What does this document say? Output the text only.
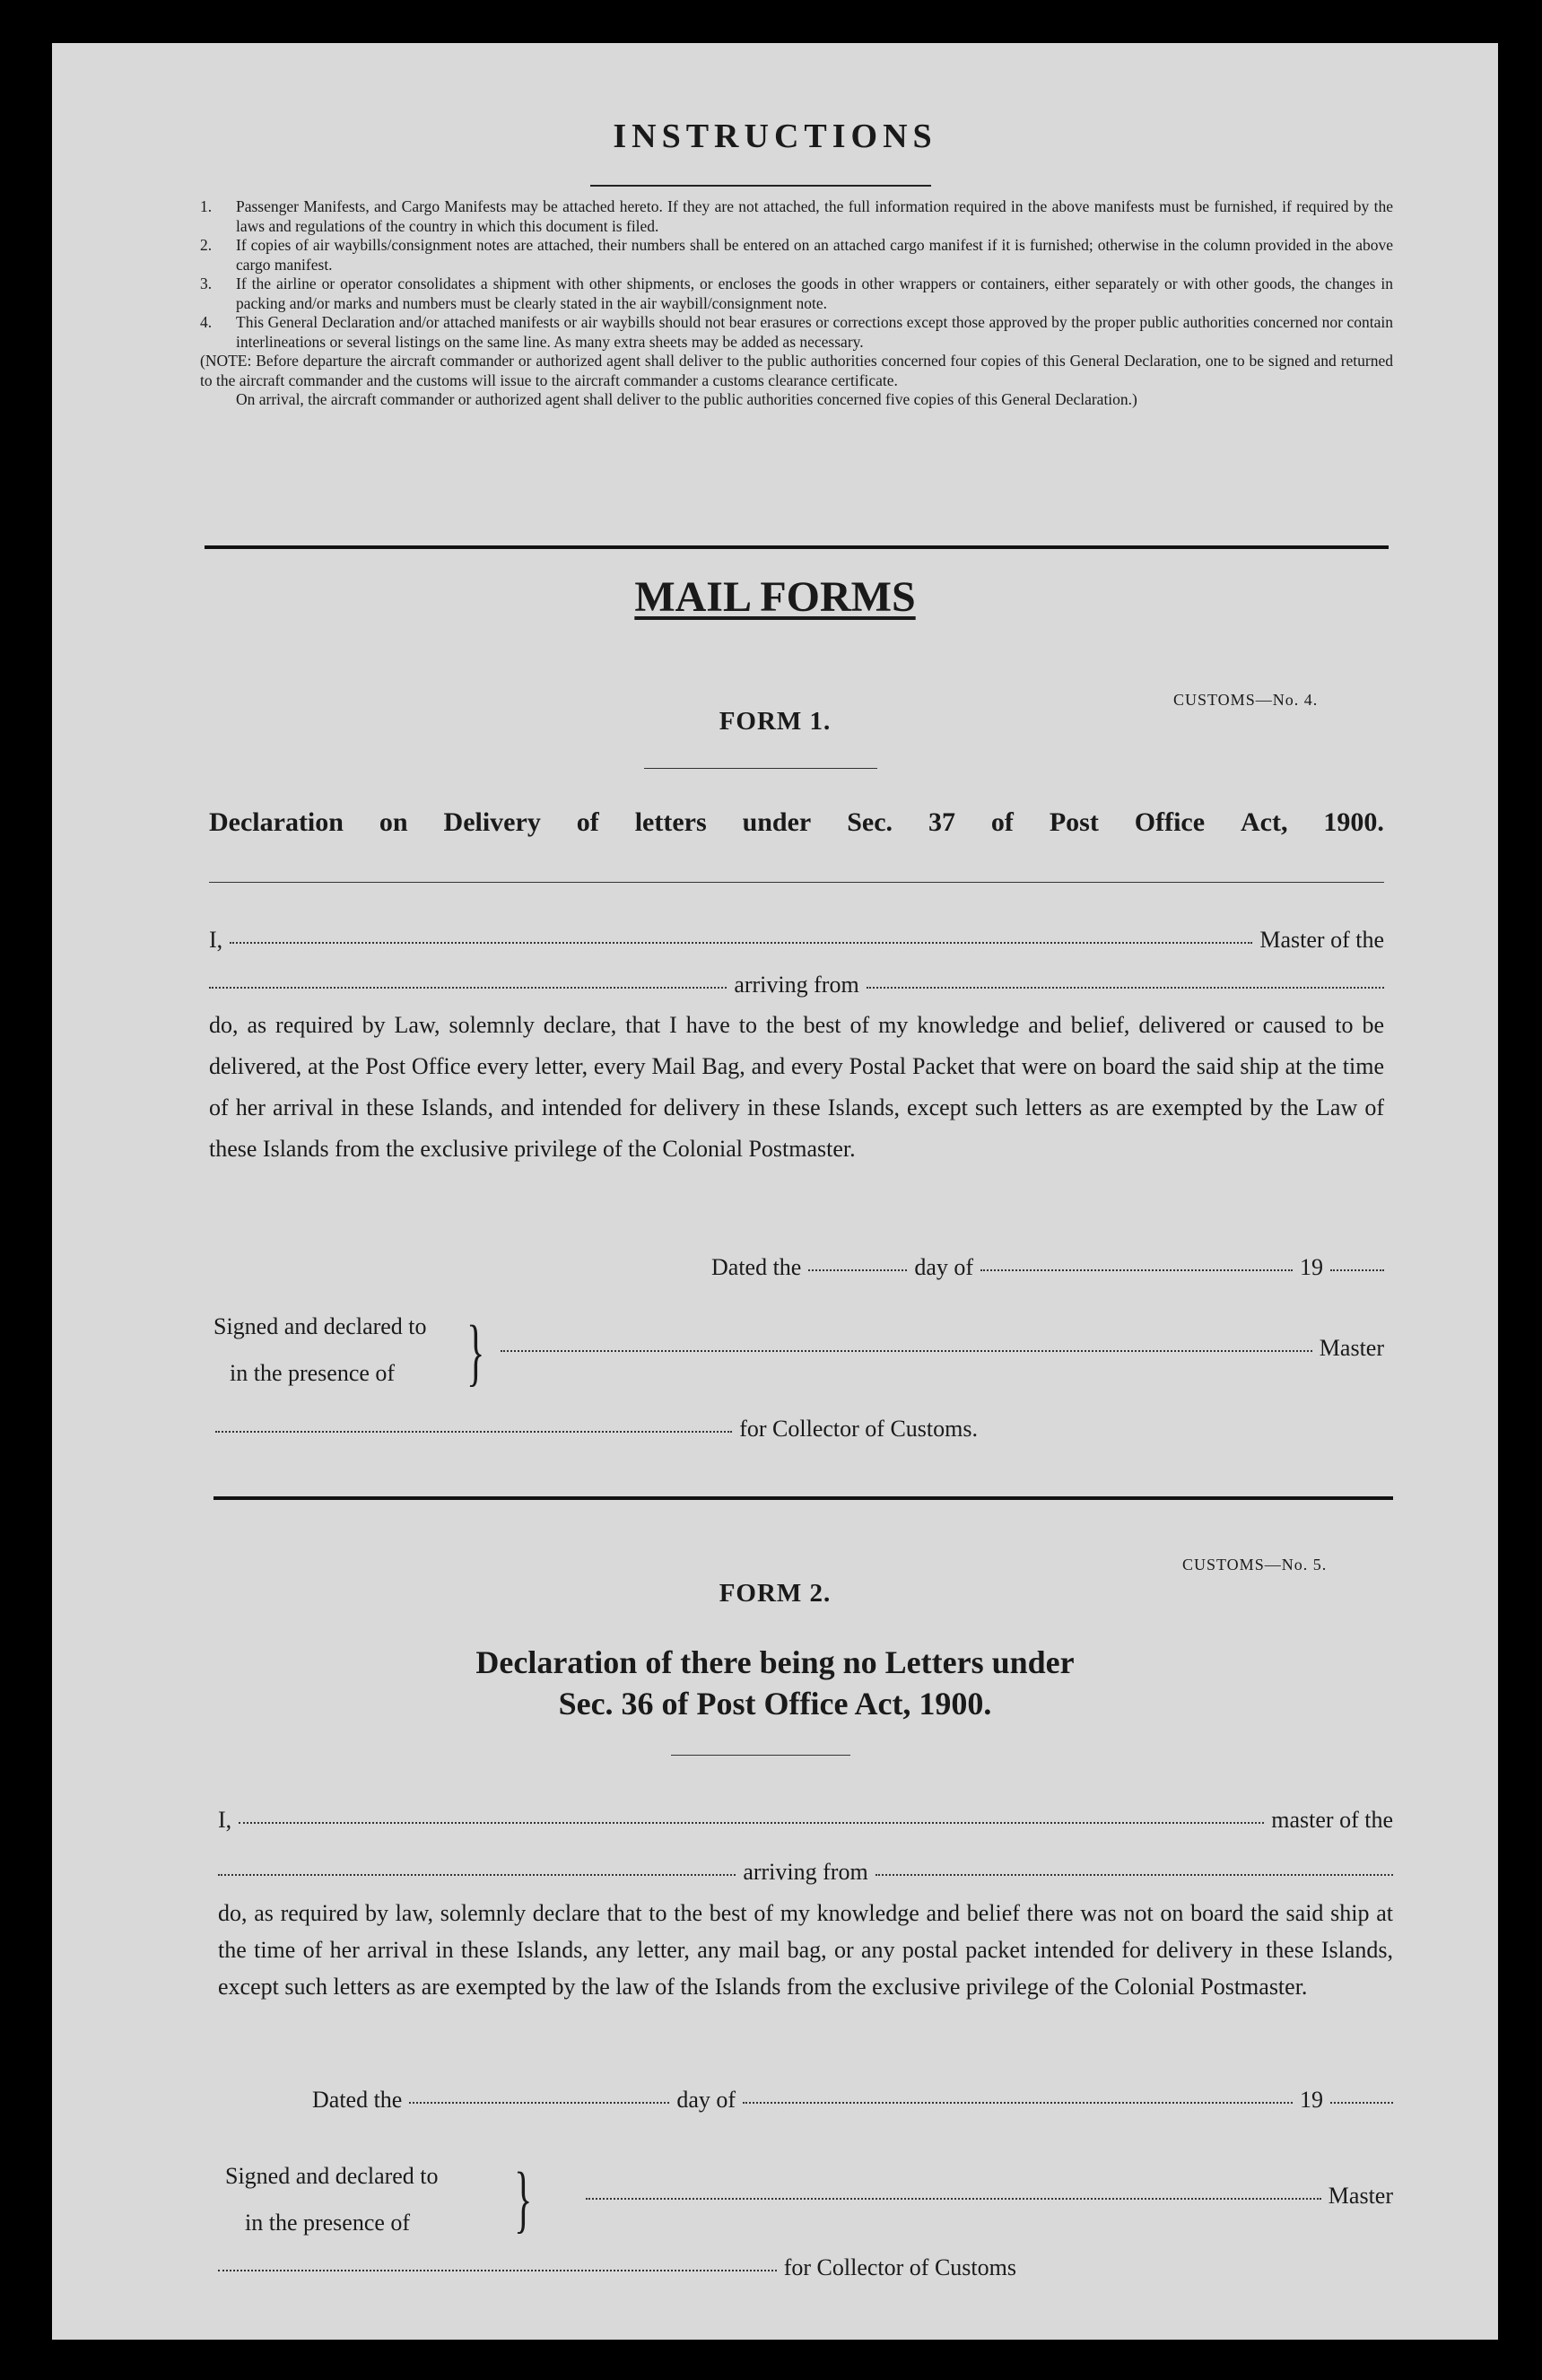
INSTRUCTIONS

1. Passenger Manifests, and Cargo Manifests may be attached hereto. If they are not attached, the full information required in the above manifests must be furnished, if required by the laws and regulations of the country in which this document is filed.

2. If copies of air waybills/consignment notes are attached, their numbers shall be entered on an attached cargo manifest if it is furnished; otherwise in the column provided in the above cargo manifest.

3. If the airline or operator consolidates a shipment with other shipments, or encloses the goods in other wrappers or containers, either separately or with other goods, the changes in packing and/or marks and numbers must be clearly stated in the air waybill/consignment note.

4. This General Declaration and/or attached manifests or air waybills should not bear erasures or corrections except those approved by the proper public authorities concerned nor contain interlineations or several listings on the same line. As many extra sheets may be added as necessary.

(NOTE: Before departure the aircraft commander or authorized agent shall deliver to the public authorities concerned four copies of this General Declaration, one to be signed and returned to the aircraft commander and the customs will issue to the aircraft commander a customs clearance certificate.

On arrival, the aircraft commander or authorized agent shall deliver to the public authorities concerned five copies of this General Declaration.)

MAIL FORMS
CUSTOMS—No. 4.
FORM 1.
Declaration on Delivery of letters under Sec. 37 of Post Office Act, 1900.
I,	Master of the
arriving from
do, as required by Law, solemnly declare, that I have to the best of my knowledge and belief, delivered or caused to be delivered, at the Post Office every letter, every Mail Bag, and every Postal Packet that were on board the said ship at the time of her arrival in these Islands, and intended for delivery in these Islands, except such letters as are exempted by the Law of these Islands from the exclusive privilege of the Colonial Postmaster.
Dated the	day of	19
Signed and declared to
in the presence of }	Master
for Collector of Customs.
CUSTOMS—No. 5.
FORM 2.
Declaration of there being no Letters under
Sec. 36 of Post Office Act, 1900.
I,	master of the
arriving from
do, as required by law, solemnly declare that to the best of my knowledge and belief there was not on board the said ship at the time of her arrival in these Islands, any letter, any mail bag, or any postal packet intended for delivery in these Islands, except such letters as are exempted by the law of the Islands from the exclusive privilege of the Colonial Postmaster.
Dated the	day of	19
Signed and declared to
in the presence of	}	Master
for Collector of Customs
